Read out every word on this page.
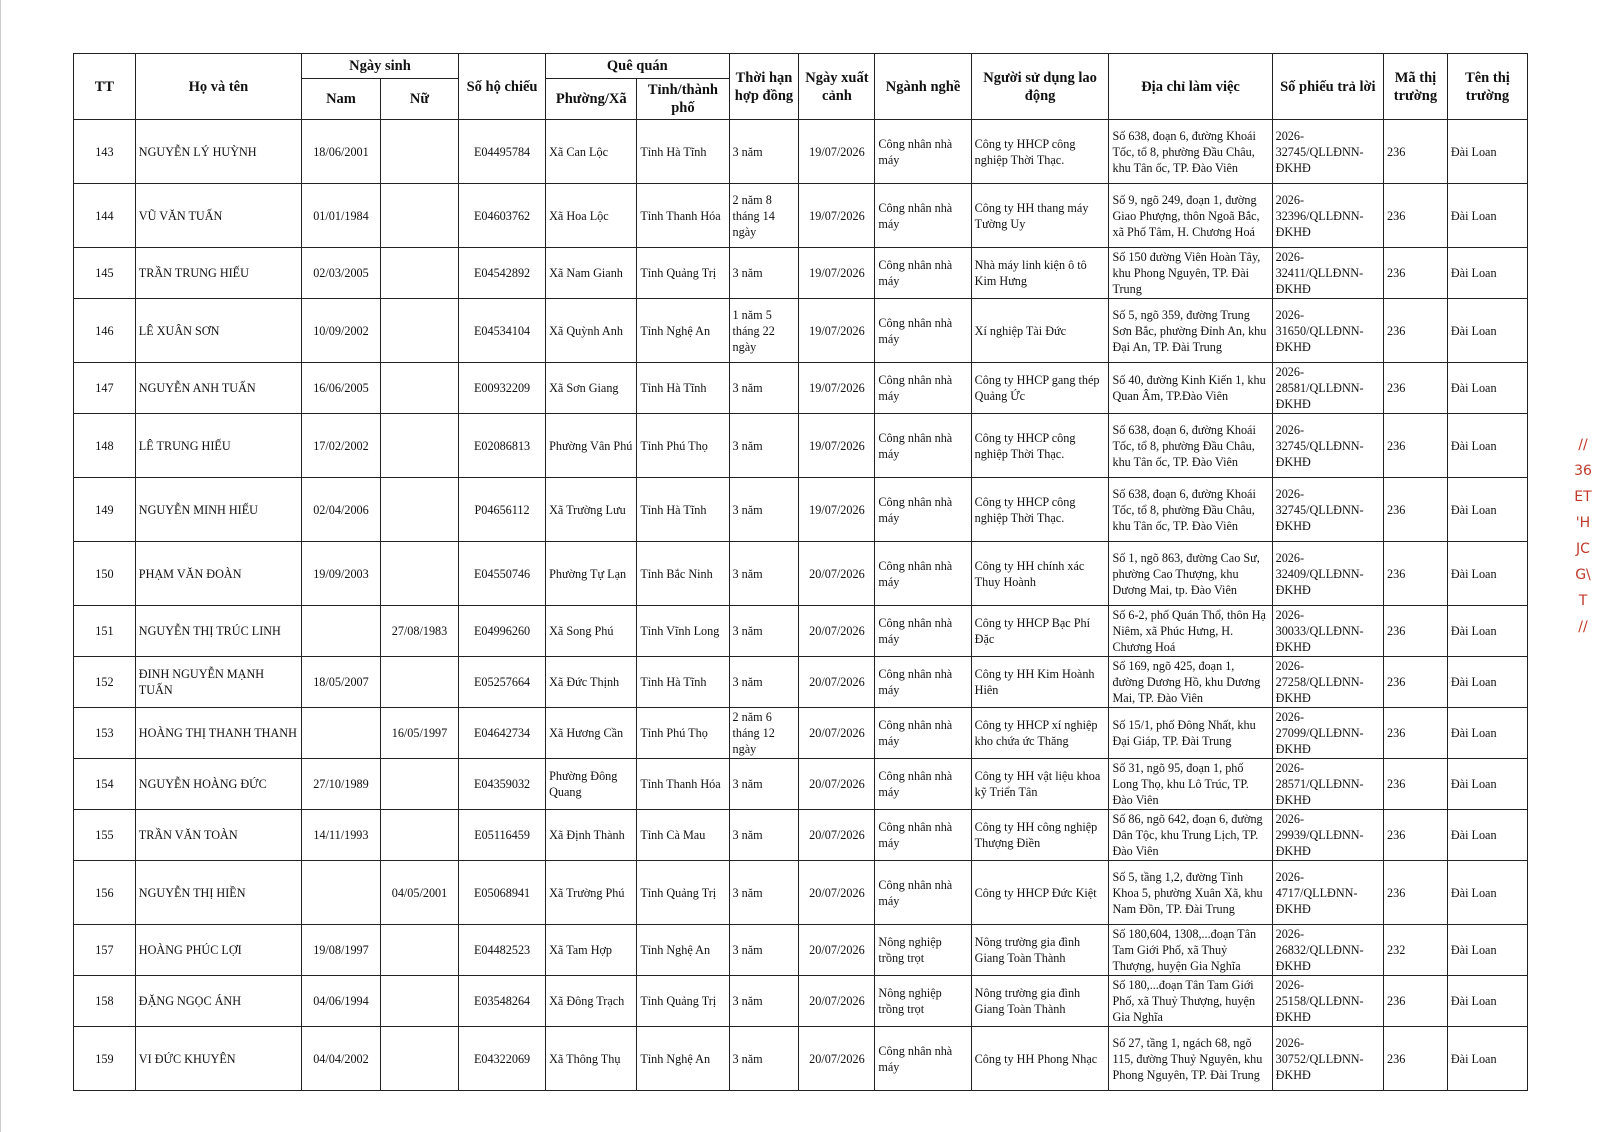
TT	Họ và tên	Ngày sinh		Số hộ chiếu	Quê quán		Thời hạn hợp đồng	Ngày xuất cảnh	Ngành nghề	Người sử dụng lao động	Địa chỉ làm việc	Số phiếu trả lời	Mã thị trường	Tên thị trường
		Nam	Nữ		Phường/Xã	Tỉnh/thành phố								
143	NGUYỄN LÝ HUỲNH	18/06/2001		E04495784	Xã Can Lộc	Tỉnh Hà Tĩnh	3 năm	19/07/2026	Công nhân nhà máy	Công ty HHCP công nghiệp Thời Thạc.	Số 638, đoạn 6, đường Khoái Tốc, tổ 8, phường Đầu Châu, khu Tân ốc, TP. Đào Viên	2026-32745/QLLĐNN-ĐKHĐ	236	Đài Loan
144	VŨ VĂN TUẤN	01/01/1984		E04603762	Xã Hoa Lộc	Tỉnh Thanh Hóa	2 năm 8 tháng 14 ngày	19/07/2026	Công nhân nhà máy	Công ty HH thang máy Tường Uy	Số 9, ngõ 249, đoạn 1, đường Giao Phượng, thôn Ngoã Bắc, xã Phố Tâm, H. Chương Hoá	2026-32396/QLLĐNN-ĐKHĐ	236	Đài Loan
145	TRẦN TRUNG HIẾU	02/03/2005		E04542892	Xã Nam Gianh	Tỉnh Quảng Trị	3 năm	19/07/2026	Công nhân nhà máy	Nhà máy linh kiện ô tô Kim Hưng	Số 150 đường Viên Hoàn Tây, khu Phong Nguyên, TP. Đài Trung	2026-32411/QLLĐNN-ĐKHĐ	236	Đài Loan
146	LÊ XUÂN SƠN	10/09/2002		E04534104	Xã Quỳnh Anh	Tỉnh Nghệ An	1 năm 5 tháng 22 ngày	19/07/2026	Công nhân nhà máy	Xí nghiệp Tài Đức	Số 5, ngõ 359, đường Trung Sơn Bắc, phường Đỉnh An, khu Đại An, TP. Đài Trung	2026-31650/QLLĐNN-ĐKHĐ	236	Đài Loan
147	NGUYỄN ANH TUẤN	16/06/2005		E00932209	Xã Sơn Giang	Tỉnh Hà Tĩnh	3 năm	19/07/2026	Công nhân nhà máy	Công ty HHCP gang thép Quảng Ức	Số 40, đường Kinh Kiến 1, khu Quan Âm, TP.Đào Viên	2026-28581/QLLĐNN-ĐKHĐ	236	Đài Loan
148	LÊ TRUNG HIẾU	17/02/2002		E02086813	Phường Vân Phú	Tỉnh Phú Thọ	3 năm	19/07/2026	Công nhân nhà máy	Công ty HHCP công nghiệp Thời Thạc.	Số 638, đoạn 6, đường Khoái Tốc, tổ 8, phường Đầu Châu, khu Tân ốc, TP. Đào Viên	2026-32745/QLLĐNN-ĐKHĐ	236	Đài Loan
149	NGUYỄN MINH HIẾU	02/04/2006		P04656112	Xã Trường Lưu	Tỉnh Hà Tĩnh	3 năm	19/07/2026	Công nhân nhà máy	Công ty HHCP công nghiệp Thời Thạc.	Số 638, đoạn 6, đường Khoái Tốc, tổ 8, phường Đầu Châu, khu Tân ốc, TP. Đào Viên	2026-32745/QLLĐNN-ĐKHĐ	236	Đài Loan
150	PHẠM VĂN ĐOÀN	19/09/2003		E04550746	Phường Tự Lạn	Tỉnh Bắc Ninh	3 năm	20/07/2026	Công nhân nhà máy	Công ty HH chính xác Thuy Hoành	Số 1, ngõ 863, đường Cao Sư, phường Cao Thượng, khu Dương Mai, tp. Đào Viên	2026-32409/QLLĐNN-ĐKHĐ	236	Đài Loan
151	NGUYỄN THỊ TRÚC LINH		27/08/1983	E04996260	Xã Song Phú	Tỉnh Vĩnh Long	3 năm	20/07/2026	Công nhân nhà máy	Công ty HHCP Bạc Phí Đặc	Số 6-2, phố Quán Thổ, thôn Hạ Niêm, xã Phúc Hưng, H. Chương Hoá	2026-30033/QLLĐNN-ĐKHĐ	236	Đài Loan
152	ĐINH NGUYỄN MẠNH TUẤN	18/05/2007		E05257664	Xã Đức Thịnh	Tỉnh Hà Tĩnh	3 năm	20/07/2026	Công nhân nhà máy	Công ty HH Kim Hoành Hiên	Số 169, ngõ 425, đoạn 1, đường Dương Hồ, khu Dương Mai, TP. Đào Viên	2026-27258/QLLĐNN-ĐKHĐ	236	Đài Loan
153	HOÀNG THỊ THANH THANH		16/05/1997	E04642734	Xã Hương Cần	Tỉnh Phú Thọ	2 năm 6 tháng 12 ngày	20/07/2026	Công nhân nhà máy	Công ty HHCP xí nghiệp kho chứa ức Thăng	Số 15/1, phố Đông Nhất, khu Đại Giáp, TP. Đài Trung	2026-27099/QLLĐNN-ĐKHĐ	236	Đài Loan
154	NGUYỄN HOÀNG ĐỨC	27/10/1989		E04359032	Phường Đông Quang	Tỉnh Thanh Hóa	3 năm	20/07/2026	Công nhân nhà máy	Công ty HH vật liệu khoa kỹ Triển Tân	Số 31, ngõ 95, đoạn 1, phố Long Thọ, khu Lô Trúc, TP. Đào Viên	2026-28571/QLLĐNN-ĐKHĐ	236	Đài Loan
155	TRẦN VĂN TOÀN	14/11/1993		E05116459	Xã Định Thành	Tỉnh Cà Mau	3 năm	20/07/2026	Công nhân nhà máy	Công ty HH công nghiệp Thượng Điền	Số 86, ngõ 642, đoạn 6, đường Dân Tộc, khu Trung Lịch, TP. Đào Viên	2026-29939/QLLĐNN-ĐKHĐ	236	Đài Loan
156	NGUYỄN THỊ HIỀN		04/05/2001	E05068941	Xã Trường Phú	Tỉnh Quảng Trị	3 năm	20/07/2026	Công nhân nhà máy	Công ty HHCP Đức Kiệt	Số 5, tầng 1,2, đường Tỉnh Khoa 5, phường Xuân Xã, khu Nam Đồn, TP. Đài Trung	2026-4717/QLLĐNN-ĐKHĐ	236	Đài Loan
157	HOÀNG PHÚC LỢI	19/08/1997		E04482523	Xã Tam Hợp	Tỉnh Nghệ An	3 năm	20/07/2026	Nông nghiệp trồng trọt	Nông trường gia đình Giang Toàn Thành	Số 180,604, 1308,...đoạn Tân Tam Giới Phố, xã Thuỷ Thượng, huyện Gia Nghĩa	2026-26832/QLLĐNN-ĐKHĐ	232	Đài Loan
158	ĐẶNG NGỌC ÁNH	04/06/1994		E03548264	Xã Đông Trạch	Tỉnh Quảng Trị	3 năm	20/07/2026	Nông nghiệp trồng trọt	Nông trường gia đình Giang Toàn Thành	Số 180,...đoạn Tân Tam Giới Phố, xã Thuỷ Thượng, huyện Gia Nghĩa	2026-25158/QLLĐNN-ĐKHĐ	236	Đài Loan
159	VI ĐỨC KHUYÊN	04/04/2002		E04322069	Xã Thông Thụ	Tỉnh Nghệ An	3 năm	20/07/2026	Công nhân nhà máy	Công ty HH Phong Nhạc	Số 27, tầng 1, ngách 68, ngõ 115, đường Thuỷ Nguyên, khu Phong Nguyên, TP. Đài Trung	2026-30752/QLLĐNN-ĐKHĐ	236	Đài Loan
//
36
ET
'H
JC
G\
T
//
